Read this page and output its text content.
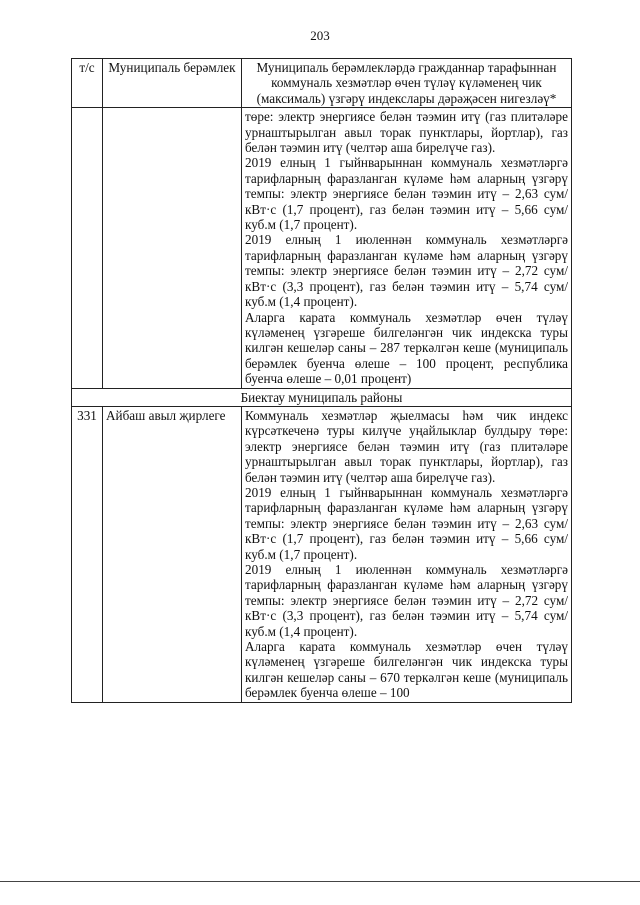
203
т/с	Муниципаль берәмлек	Муниципаль берәмлекләрдә гражданнар тарафыннан коммуналь хезмәтләр өчен түләү күләменең чик (максималь) үзгәрү индекслары дәрәҗәсен нигезләү*

		төре: электр энергиясе белән тәэмин итү (газ плитәләре урнаштырылган авыл торак пунктлары, йортлар), газ белән тәэмин итү (челтәр аша бирелүче газ).
2019 елның 1 гыйнварыннан коммуналь хезмәтләргә тарифларның фаразланган күләме һәм аларның үзгәрү темпы: электр энергиясе белән тәэмин итү – 2,63 сум/кВт·с (1,7 процент), газ белән тәэмин итү – 5,66 сум/куб.м (1,7 процент).
2019 елның 1 июленнән коммуналь хезмәтләргә тарифларның фаразланган күләме һәм аларның үзгәрү темпы: электр энергиясе белән тәэмин итү – 2,72 сум/кВт·с (3,3 процент), газ белән тәэмин итү – 5,74 сум/куб.м (1,4 процент).
Аларга карата коммуналь хезмәтләр өчен түләү күләменең үзгәреше билгеләнгән чик индекска туры килгән кешеләр саны – 287 теркәлгән кеше (муниципаль берәмлек буенча өлеше – 100 процент, республика буенча өлеше – 0,01 процент)

Биектау муниципаль районы		
331	Айбаш авыл җирлеге	Коммуналь хезмәтләр җыелмасы һәм чик индекс күрсәткеченә туры килүче уңайлыклар булдыру төре: электр энергиясе белән тәэмин итү (газ плитәләре урнаштырылган авыл торак пунктлары, йортлар), газ белән тәэмин итү (челтәр аша бирелүче газ).
2019 елның 1 гыйнварыннан коммуналь хезмәтләргә тарифларның фаразланган күләме һәм аларның үзгәрү темпы: электр энергиясе белән тәэмин итү – 2,63 сум/кВт·с (1,7 процент), газ белән тәэмин итү – 5,66 сум/куб.м (1,7 процент).
2019 елның 1 июленнән коммуналь хезмәтләргә тарифларның фаразланган күләме һәм аларның үзгәрү темпы: электр энергиясе белән тәэмин итү – 2,72 сум/кВт·с (3,3 процент), газ белән тәэмин итү – 5,74 сум/куб.м (1,4 процент).
Аларга карата коммуналь хезмәтләр өчен түләү күләменең үзгәреше билгеләнгән чик индекска туры килгән кешеләр саны – 670 теркәлгән кеше (муниципаль берәмлек буенча өлеше – 100
